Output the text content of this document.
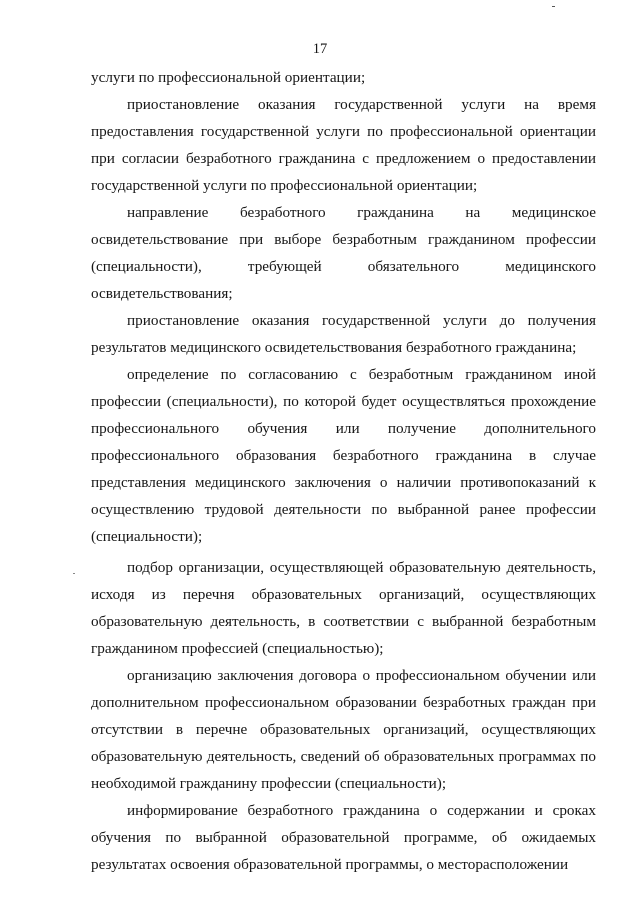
17

услуги по профессиональной ориентации;

приостановление оказания государственной услуги на время предоставления государственной услуги по профессиональной ориентации при согласии безработного гражданина с предложением о предоставлении государственной услуги по профессиональной ориентации;

направление безработного гражданина на медицинское освидетельствование при выборе безработным гражданином профессии (специальности), требующей обязательного медицинского освидетельствования;

приостановление оказания государственной услуги до получения результатов медицинского освидетельствования безработного гражданина;

определение по согласованию с безработным гражданином иной профессии (специальности), по которой будет осуществляться прохождение профессионального обучения или получение дополнительного профессионального образования безработного гражданина в случае представления медицинского заключения о наличии противопоказаний к осуществлению трудовой деятельности по выбранной ранее профессии (специальности);

подбор организации, осуществляющей образовательную деятельность, исходя из перечня образовательных организаций, осуществляющих образовательную деятельность, в соответствии с выбранной безработным гражданином профессией (специальностью);

организацию заключения договора о профессиональном обучении или дополнительном профессиональном образовании безработных граждан при отсутствии в перечне образовательных организаций, осуществляющих образовательную деятельность, сведений об образовательных программах по необходимой гражданину профессии (специальности);

информирование безработного гражданина о содержании и сроках обучения по выбранной образовательной программе, об ожидаемых результатах освоения образовательной программы, о месторасположении
